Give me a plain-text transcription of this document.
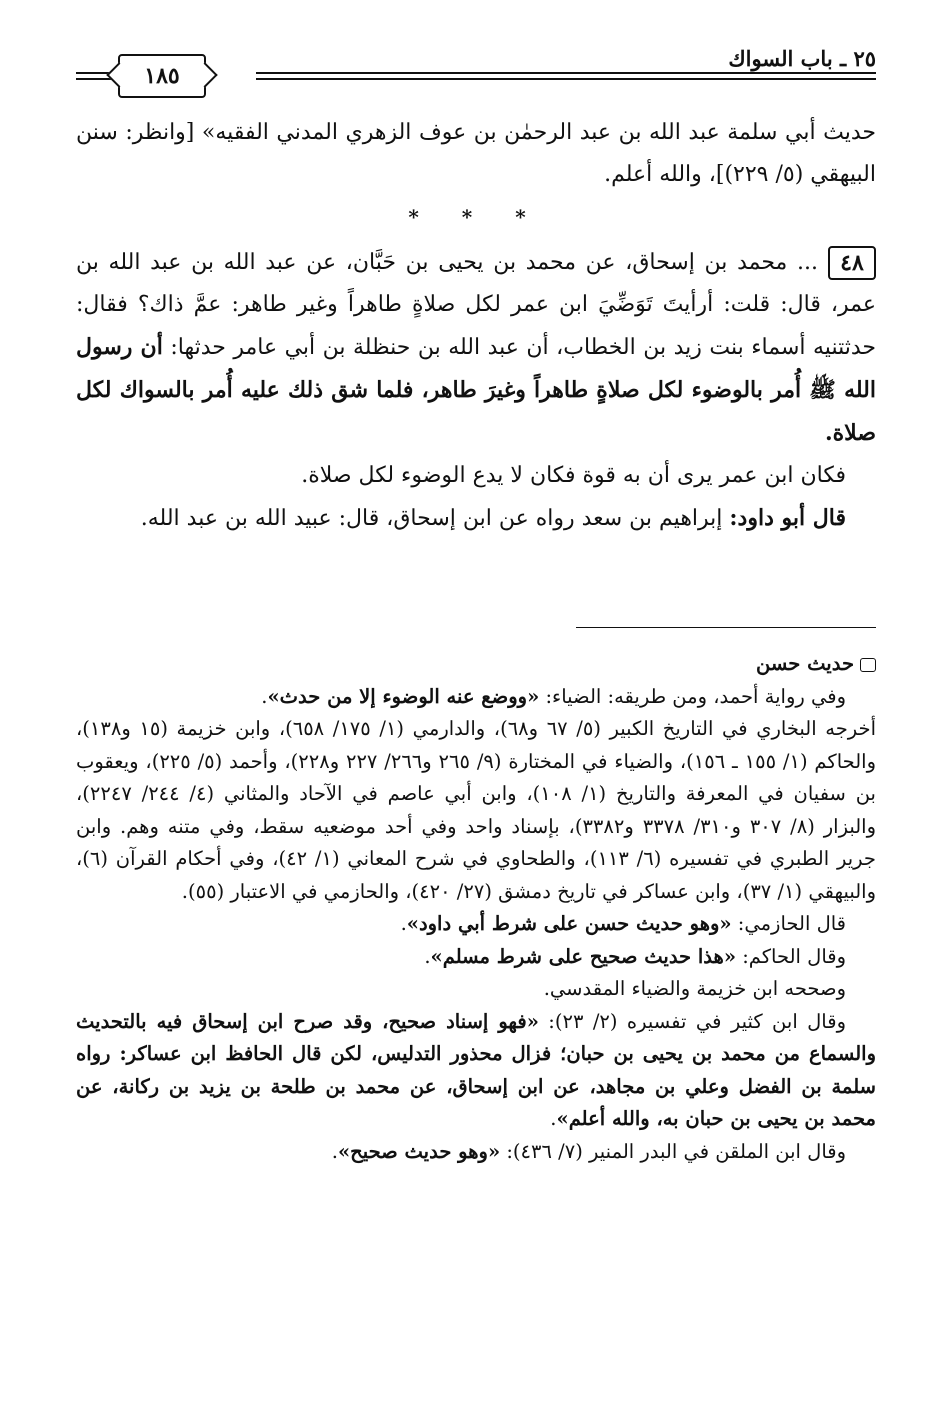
٢٥ ـ باب السواك
١٨٥

حديث أبي سلمة عبد الله بن عبد الرحمٰن بن عوف الزهري المدني الفقيه» [وانظر: سنن البيهقي (٥/ ٢٢٩)]، والله أعلم.

* * *

٤٨... محمد بن إسحاق، عن محمد بن يحيى بن حَبَّان، عن عبد الله بن عبد الله بن عمر، قال: قلت: أرأيتَ تَوَضِّيَ ابن عمر لكل صلاةٍ طاهراً وغير طاهر: عمَّ ذاك؟ فقال: حدثتنيه أسماء بنت زيد بن الخطاب، أن عبد الله بن حنظلة بن أبي عامر حدثها: أن رسول الله ﷺ أُمر بالوضوء لكل صلاةٍ طاهراً وغيرَ طاهر، فلما شق ذلك عليه أُمر بالسواك لكل صلاة.

فكان ابن عمر يرى أن به قوة فكان لا يدع الوضوء لكل صلاة.

قال أبو داود: إبراهيم بن سعد رواه عن ابن إسحاق، قال: عبيد الله بن عبد الله.

حديث حسن

وفي رواية أحمد، ومن طريقه: الضياء: «ووضع عنه الوضوء إلا من حدث».

أخرجه البخاري في التاريخ الكبير (٥/ ٦٧ و٦٨)، والدارمي (١/ ١٧٥/ ٦٥٨)، وابن خزيمة (١٥ و١٣٨)، والحاكم (١/ ١٥٥ ـ ١٥٦)، والضياء في المختارة (٩/ ٢٦٥ و٢٦٦/ ٢٢٧ و٢٢٨)، وأحمد (٥/ ٢٢٥)، ويعقوب بن سفيان في المعرفة والتاريخ (١/ ١٠٨)، وابن أبي عاصم في الآحاد والمثاني (٤/ ٢٤٤/ ٢٢٤٧)، والبزار (٨/ ٣٠٧ و٣١٠/ ٣٣٧٨ و٣٣٨٢)، بإسناد واحد وفي أحد موضعيه سقط، وفي متنه وهم. وابن جرير الطبري في تفسيره (٦/ ١١٣)، والطحاوي في شرح المعاني (١/ ٤٢)، وفي أحكام القرآن (٦)، والبيهقي (١/ ٣٧)، وابن عساكر في تاريخ دمشق (٢٧/ ٤٢٠)، والحازمي في الاعتبار (٥٥).

قال الحازمي: «وهو حديث حسن على شرط أبي داود».

وقال الحاكم: «هذا حديث صحيح على شرط مسلم».

وصححه ابن خزيمة والضياء المقدسي.

وقال ابن كثير في تفسيره (٢/ ٢٣): «فهو إسناد صحيح، وقد صرح ابن إسحاق فيه بالتحديث والسماع من محمد بن يحيى بن حبان؛ فزال محذور التدليس، لكن قال الحافظ ابن عساكر: رواه سلمة بن الفضل وعلي بن مجاهد، عن ابن إسحاق، عن محمد بن طلحة بن يزيد بن ركانة، عن محمد بن يحيى بن حبان به، والله أعلم».

وقال ابن الملقن في البدر المنير (٧/ ٤٣٦): «وهو حديث صحيح».
